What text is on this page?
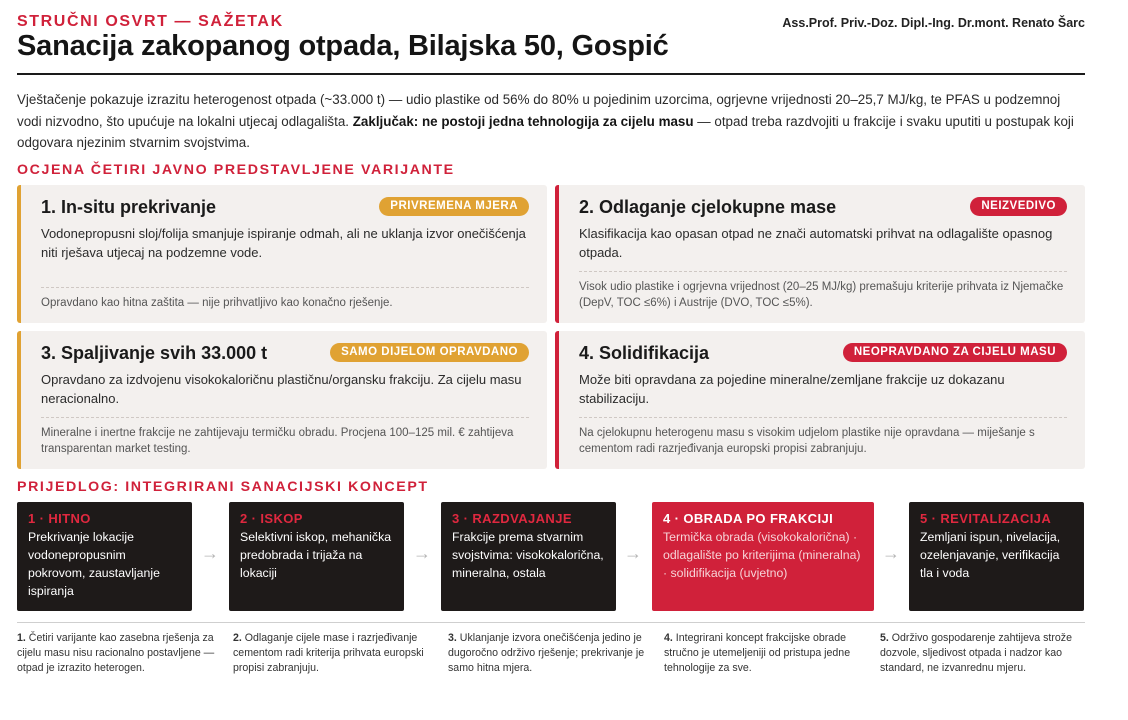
STRUČNI OSVRT — SAŽETAK	Ass.Prof. Priv.-Doz. Dipl.-Ing. Dr.mont. Renato Šarc
Sanacija zakopanog otpada, Bilajska 50, Gospić

Vještačenje pokazuje izrazitu heterogenost otpada (~33.000 t) — udio plastike od 56% do 80% u pojedinim uzorcima, ogrjevne vrijednosti 20–25,7 MJ/kg, te PFAS u podzemnoj vodi nizvodno, što upućuje na lokalni utjecaj odlagališta. Zaključak: ne postoji jedna tehnologija za cijelu masu — otpad treba razdvojiti u frakcije i svaku uputiti u postupak koji odgovara njezinim stvarnim svojstvima.

OCJENA ČETIRI JAVNO PREDSTAVLJENE VARIJANTE
1. In-situ prekrivanje	PRIVREMENA MJERA

Vodonepropusni sloj/folija smanjuje ispiranje odmah, ali ne uklanja izvor onečišćenja niti rješava utjecaj na podzemne vode.

Opravdano kao hitna zaštita — nije prihvatljivo kao konačno rješenje.

2. Odlaganje cjelokupne mase	NEIZVEDIVO

Klasifikacija kao opasan otpad ne znači automatski prihvat na odlagalište opasnog otpada.

Visok udio plastike i ogrjevna vrijednost (20–25 MJ/kg) premašuju kriterije prihvata iz Njemačke (DepV, TOC ≤6%) i Austrije (DVO, TOC ≤5%).

3. Spaljivanje svih 33.000 t	SAMO DIJELOM OPRAVDANO

Opravdano za izdvojenu visokokaloričnu plastičnu/organsku frakciju. Za cijelu masu neracionalno.

Mineralne i inertne frakcije ne zahtijevaju termičku obradu. Procjena 100–125 mil. € zahtijeva transparentan market testing.

4. Solidifikacija	NEOPRAVDANO ZA CIJELU MASU

Može biti opravdana za pojedine mineralne/zemljane frakcije uz dokazanu stabilizaciju.

Na cjelokupnu heterogenu masu s visokim udjelom plastike nije opravdana — miješanje s cementom radi razrjeđivanja europski propisi zabranjuju.

PRIJEDLOG: INTEGRIRANI SANACIJSKI KONCEPT
1 · HITNO
Prekrivanje lokacije vodonepropusnim pokrovom, zaustavljanje ispiranja
→
2 · ISKOP
Selektivni iskop, mehanička predobrada i trijaža na lokaciji
→
3 · RAZDVAJANJE
Frakcije prema stvarnim svojstvima: visokokalorična, mineralna, ostala
→
4 · OBRADA PO FRAKCIJI
Termička obrada (visokokalorična) · odlagalište po kriterijima (mineralna) · solidifikacija (uvjetno)
→
5 · REVITALIZACIJA
Zemljani ispun, nivelacija, ozelenjavanje, verifikacija tla i voda

1. Četiri varijante kao zasebna rješenja za cijelu masu nisu racionalno postavljene — otpad je izrazito heterogen.

2. Odlaganje cijele mase i razrjeđivanje cementom radi kriterija prihvata europski propisi zabranjuju.

3. Uklanjanje izvora onečišćenja jedino je dugoročno održivo rješenje; prekrivanje je samo hitna mjera.

4. Integrirani koncept frakcijske obrade stručno je utemeljeniji od pristupa jedne tehnologije za sve.

5. Održivo gospodarenje zahtijeva strože dozvole, sljedivost otpada i nadzor kao standard, ne izvanrednu mjeru.
